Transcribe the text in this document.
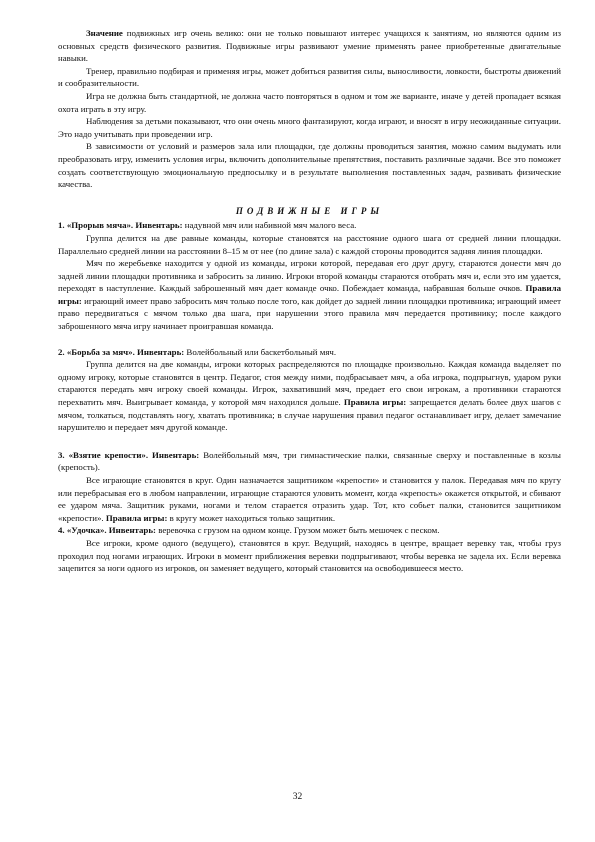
Значение подвижных игр очень велико: они не только повышают интерес учащихся к занятиям, но являются одним из основных средств физического развития. Подвижные игры развивают умение применять ранее приобретенные двигательные навыки.

Тренер, правильно подбирая и применяя игры, может добиться развития силы, выносливости, ловкости, быстроты движений и сообразительности.

Игра не должна быть стандартной, не должна часто повторяться в одном и том же варианте, иначе у детей пропадает всякая охота играть в эту игру.

Наблюдения за детьми показывают, что они очень много фантазируют, когда играют, и вносят в игру неожиданные ситуации. Это надо учитывать при проведении игр.

В зависимости от условий и размеров зала или площадки, где должны проводиться занятия, можно самим выдумать или преобразовать игру, изменить условия игры, включить дополнительные препятствия, поставить различные задачи. Все это поможет создать соответствующую эмоциональную предпосылку и в результате выполнения поставленных задач, развивать физические качества.

ПОДВИЖНЫЕ ИГРЫ

1. «Прорыв мяча». Инвентарь: надувной мяч или набивной мяч малого веса.

Группа делится на две равные команды, которые становятся на расстояние одного шага от средней линии площадки. Параллельно средней линии на расстоянии 8–15 м от нее (по длине зала) с каждой стороны проводится задняя линия площадки.

Мяч по жеребьевке находится у одной из команды, игроки которой, передавая его друг другу, стараются донести мяч до задней линии площадки противника и забросить за линию. Игроки второй команды стараются отобрать мяч и, если это им удается, переходят в наступление. Каждый заброшенный мяч дает команде очко. Побеждает команда, набравшая больше очков. Правила игры: играющий имеет право забросить мяч только после того, как дойдет до задней линии площадки противника; играющий имеет право передвигаться с мячом только два шага, при нарушении этого правила мяч передается противнику; после каждого заброшенного мяча игру начинает проигравшая команда.

2. «Борьба за мяч». Инвентарь: Волейбольный или баскетбольный мяч.

Группа делится на две команды, игроки которых распределяются по площадке произвольно. Каждая команда выделяет по одному игроку, которые становятся в центр. Педагог, стоя между ними, подбрасывает мяч, а оба игрока, подпрыгнув, ударом руки стараются передать мяч игроку своей команды. Игрок, захвативший мяч, предает его свои игрокам, а противники стараются перехватить мяч. Выигрывает команда, у которой мяч находился дольше. Правила игры: запрещается делать более двух шагов с мячом, толкаться, подставлять ногу, хватать противника; в случае нарушения правил педагог останавливает игру, делает замечание нарушителю и передает мяч другой команде.

3. «Взятие крепости». Инвентарь: Волейбольный мяч, три гимнастические палки, связанные сверху и поставленные в козлы (крепость).

Все играющие становятся в круг. Один назначается защитником «крепости» и становится у палок. Передавая мяч по кругу или перебрасывая его в любом направлении, играющие стараются уловить момент, когда «крепость» окажется открытой, и сбивают ее ударом мяча. Защитник руками, ногами и телом старается отразить удар. Тот, кто собьет палки, становится защитником «крепости». Правила игры: в кругу может находиться только защитник.

4. «Удочка». Инвентарь: веревочка с грузом на одном конце. Грузом может быть мешочек с песком.

Все игроки, кроме одного (ведущего), становятся в круг. Ведущий, находясь в центре, вращает веревку так, чтобы груз проходил под ногами играющих. Игроки в момент приближения веревки подпрыгивают, чтобы веревка не задела их. Если веревка зацепится за ноги одного из игроков, он заменяет ведущего, который становится на освободившееся место.

32
